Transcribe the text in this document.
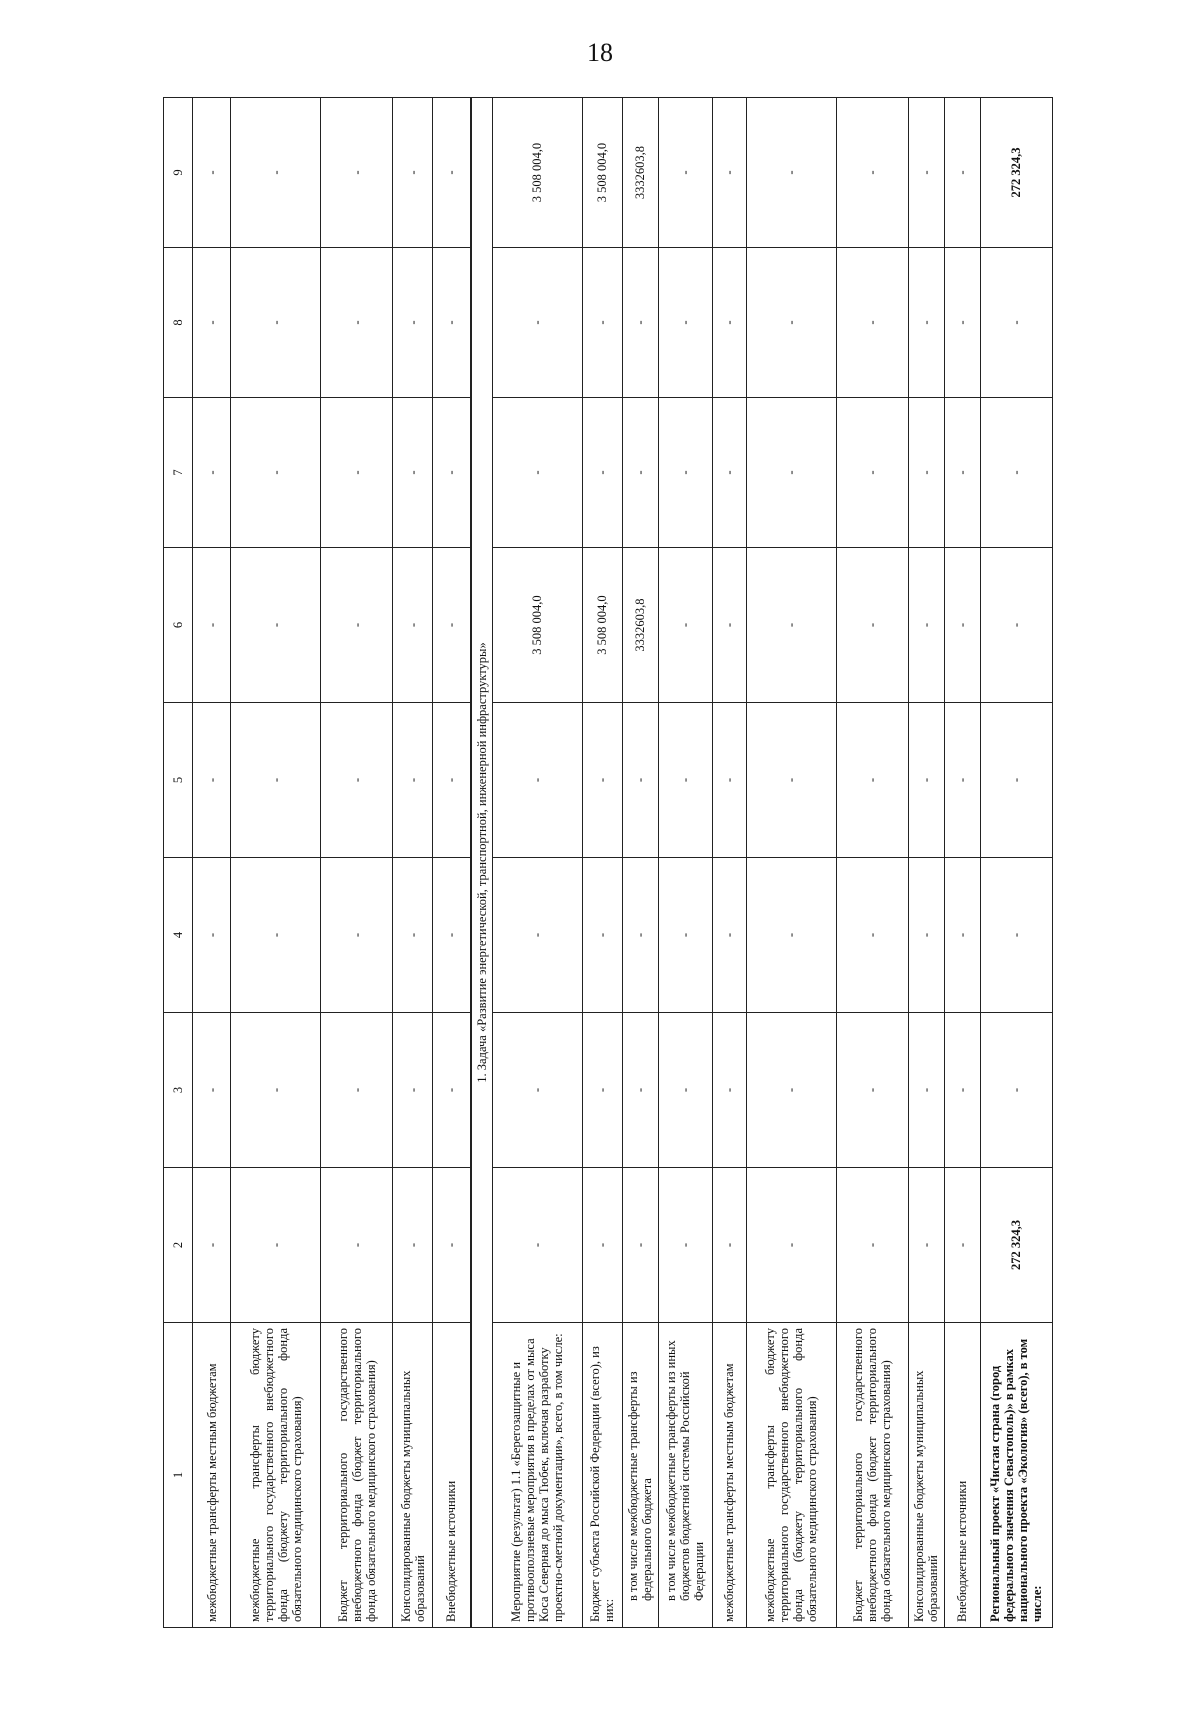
18
1	2	3	4	5	6	7	8	9
межбюджетные трансферты местным бюджетам	-	-	-	-	-	-	-	-
межбюджетные трансферты бюджету территориального государственного внебюджетного фонда (бюджету территориального фонда обязательного медицинского страхования)	-	-	-	-	-	-	-	-
Бюджет территориального государственного внебюджетного фонда (бюджет территориального фонда обязательного медицинского страхования)	-	-	-	-	-	-	-	-
Консолидированные бюджеты муниципальных образований	-	-	-	-	-	-	-	-
Внебюджетные источники	-	-	-	-	-	-	-	-
1. Задача «Развитие энергетической, транспортной, инженерной инфраструктуры»								
Мероприятие (результат) 1.1 «Берегозащитные и противооползневые мероприятия в пределах от мыса Коса Северная до мыса Тюбек, включая разработку проектно-сметной документации», всего, в том числе:	-	-	-	-	3 508 004,0	-	-	3 508 004,0
Бюджет субъекта Российской Федерации (всего), из них:	-	-	-	-	3 508 004,0	-	-	3 508 004,0
в том числе межбюджетные трансферты из федерального бюджета	-	-	-	-	3332603,8	-	-	3332603,8
в том числе межбюджетные трансферты из иных бюджетов бюджетной системы Российской Федерации	-	-	-	-	-	-	-	-
межбюджетные трансферты местным бюджетам	-	-	-	-	-	-	-	-
межбюджетные трансферты бюджету территориального государственного внебюджетного фонда (бюджету территориального фонда обязательного медицинского страхования)	-	-	-	-	-	-	-	-
Бюджет территориального государственного внебюджетного фонда (бюджет территориального фонда обязательного медицинского страхования)	-	-	-	-	-	-	-	-
Консолидированные бюджеты муниципальных образований	-	-	-	-	-	-	-	-
Внебюджетные источники	-	-	-	-	-	-	-	-
Региональный проект «Чистая страна (город федерального значения Севастополь)» в рамках национального проекта «Экология» (всего), в том числе:	272 324,3	-	-	-	-	-	-	272 324,3
